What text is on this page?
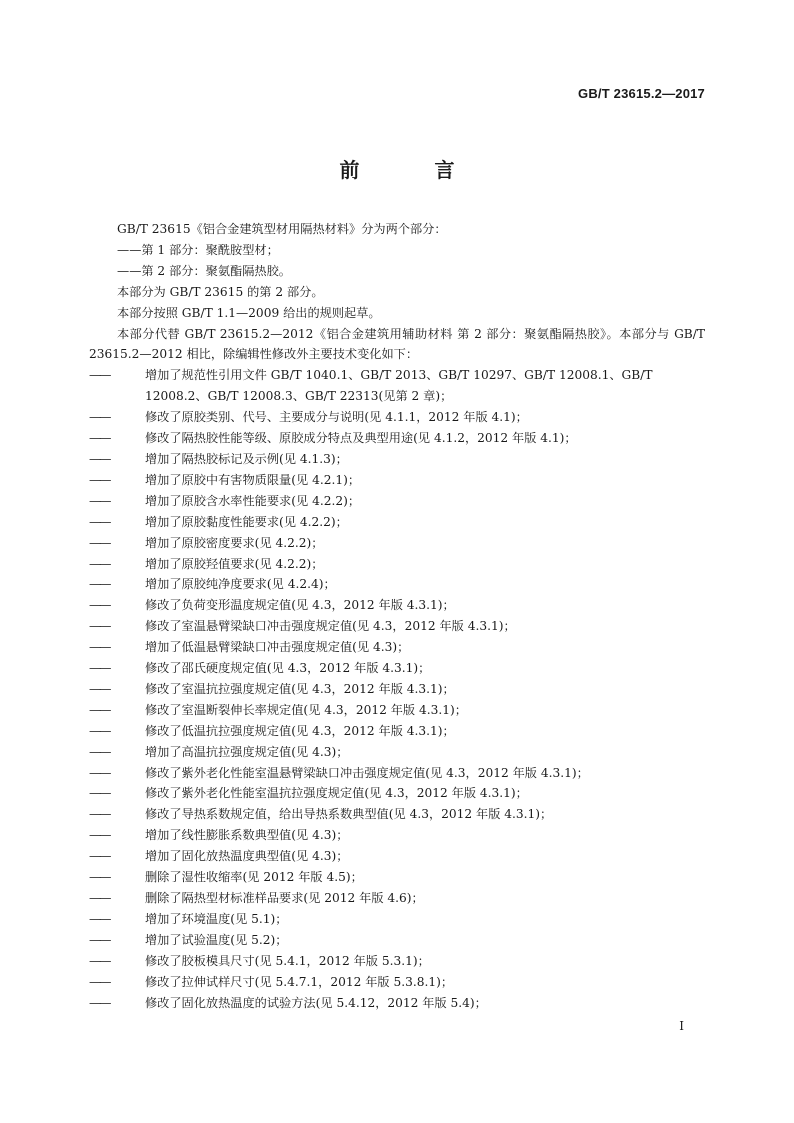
GB/T 23615.2—2017
前 言
GB/T 23615《铝合金建筑型材用隔热材料》分为两个部分：
——第 1 部分：聚酰胺型材；
——第 2 部分：聚氨酯隔热胶。
本部分为 GB/T 23615 的第 2 部分。
本部分按照 GB/T 1.1—2009 给出的规则起草。
本部分代替 GB/T 23615.2—2012《铝合金建筑用辅助材料 第 2 部分：聚氨酯隔热胶》。本部分与 GB/T 23615.2—2012 相比，除编辑性修改外主要技术变化如下：
——	增加了规范性引用文件 GB/T 1040.1、GB/T 2013、GB/T 10297、GB/T 12008.1、GB/T 12008.2、GB/T 12008.3、GB/T 22313(见第 2 章)；
——	修改了原胶类别、代号、主要成分与说明(见 4.1.1，2012 年版 4.1)；
——	修改了隔热胶性能等级、原胶成分特点及典型用途(见 4.1.2，2012 年版 4.1)；
——	增加了隔热胶标记及示例(见 4.1.3)；
——	增加了原胶中有害物质限量(见 4.2.1)；
——	增加了原胶含水率性能要求(见 4.2.2)；
——	增加了原胶黏度性能要求(见 4.2.2)；
——	增加了原胶密度要求(见 4.2.2)；
——	增加了原胶羟值要求(见 4.2.2)；
——	增加了原胶纯净度要求(见 4.2.4)；
——	修改了负荷变形温度规定值(见 4.3，2012 年版 4.3.1)；
——	修改了室温悬臂梁缺口冲击强度规定值(见 4.3，2012 年版 4.3.1)；
——	增加了低温悬臂梁缺口冲击强度规定值(见 4.3)；
——	修改了邵氏硬度规定值(见 4.3，2012 年版 4.3.1)；
——	修改了室温抗拉强度规定值(见 4.3，2012 年版 4.3.1)；
——	修改了室温断裂伸长率规定值(见 4.3，2012 年版 4.3.1)；
——	修改了低温抗拉强度规定值(见 4.3，2012 年版 4.3.1)；
——	增加了高温抗拉强度规定值(见 4.3)；
——	修改了紫外老化性能室温悬臂梁缺口冲击强度规定值(见 4.3，2012 年版 4.3.1)；
——	修改了紫外老化性能室温抗拉强度规定值(见 4.3，2012 年版 4.3.1)；
——	修改了导热系数规定值，给出导热系数典型值(见 4.3，2012 年版 4.3.1)；
——	增加了线性膨胀系数典型值(见 4.3)；
——	增加了固化放热温度典型值(见 4.3)；
——	删除了湿性收缩率(见 2012 年版 4.5)；
——	删除了隔热型材标准样品要求(见 2012 年版 4.6)；
——	增加了环境温度(见 5.1)；
——	增加了试验温度(见 5.2)；
——	修改了胶板模具尺寸(见 5.4.1，2012 年版 5.3.1)；
——	修改了拉伸试样尺寸(见 5.4.7.1，2012 年版 5.3.8.1)；
——	修改了固化放热温度的试验方法(见 5.4.12，2012 年版 5.4)；
I
